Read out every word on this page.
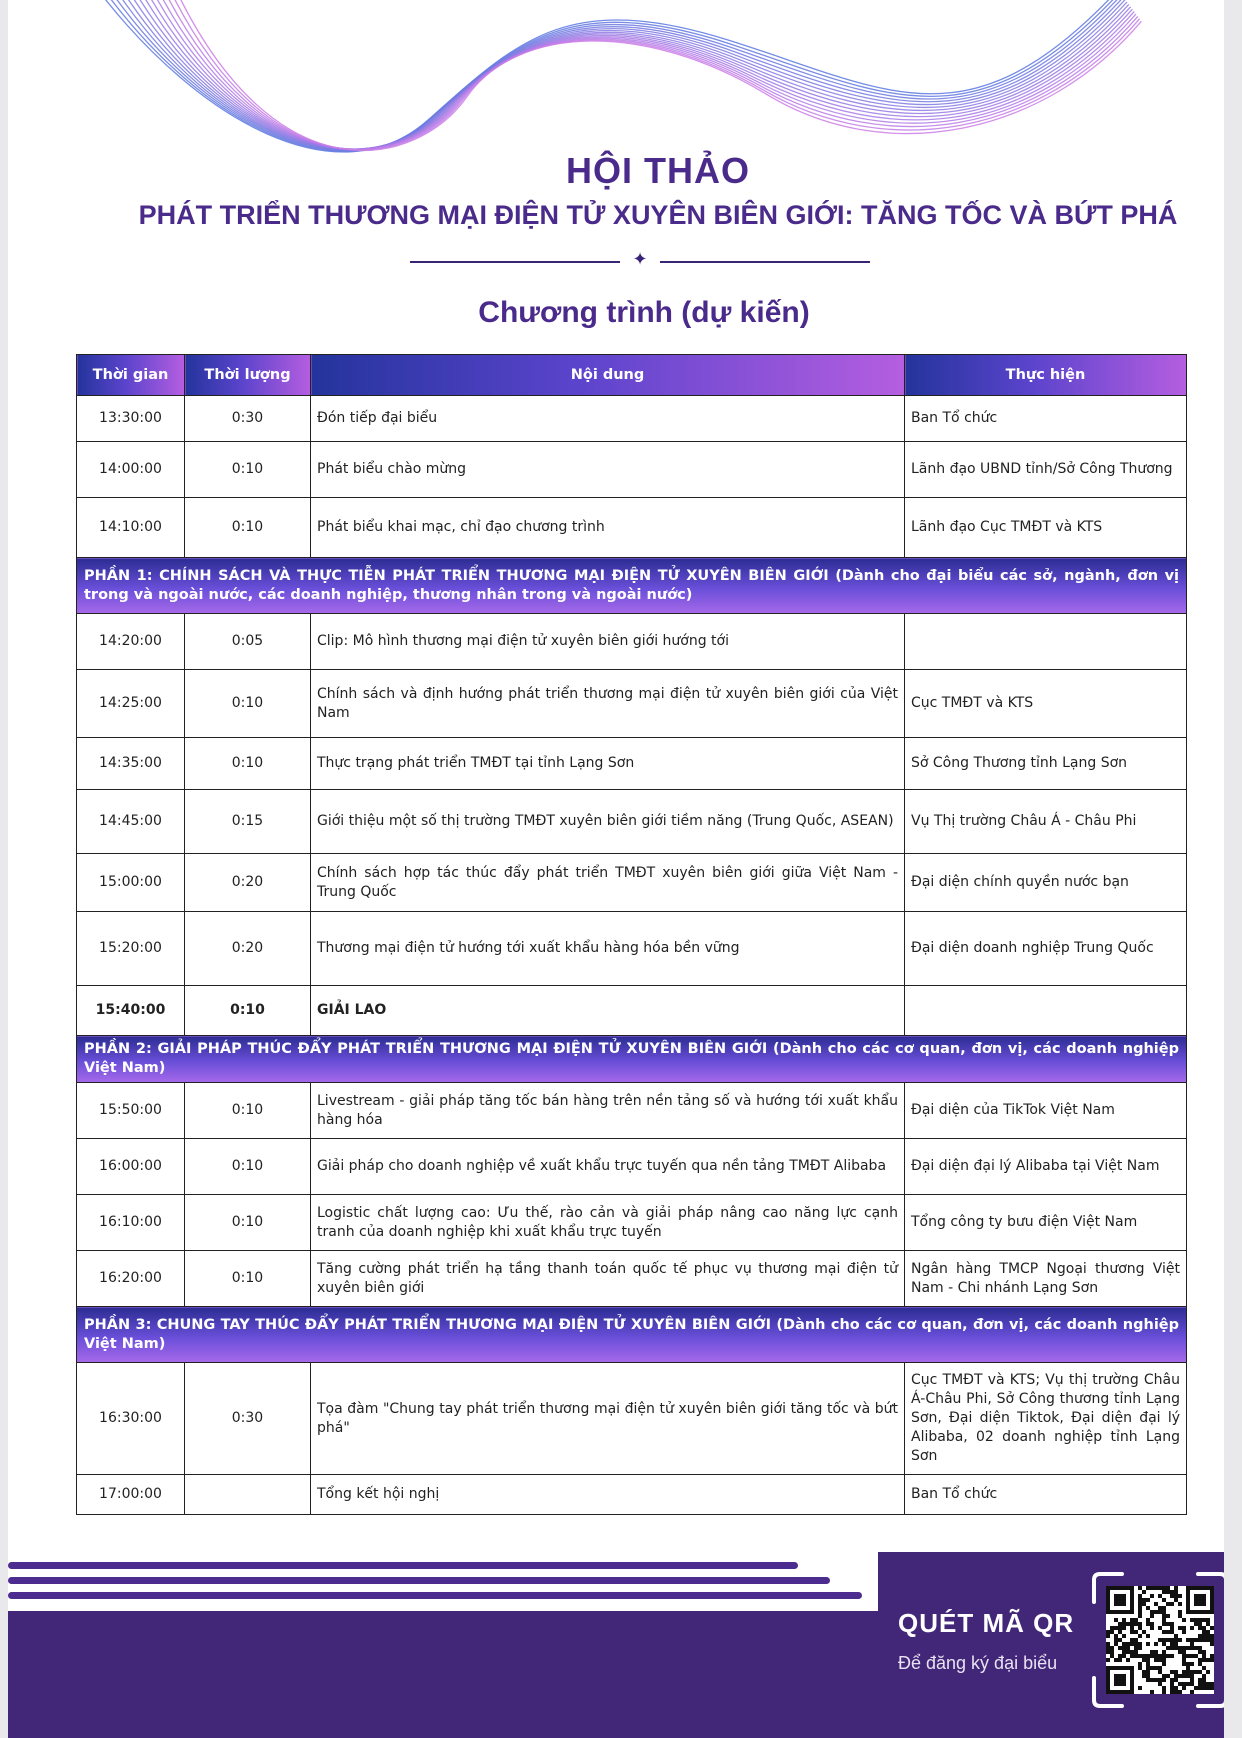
HỘI THẢO
PHÁT TRIỂN THƯƠNG MẠI ĐIỆN TỬ XUYÊN BIÊN GIỚI: TĂNG TỐC VÀ BỨT PHÁ
✦
Chương trình (dự kiến)
Thời gian	Thời lượng	Nội dung	Thực hiện
13:30:00	0:30	Đón tiếp đại biểu	Ban Tổ chức
14:00:00	0:10	Phát biểu chào mừng	Lãnh đạo UBND tỉnh/Sở Công Thương
14:10:00	0:10	Phát biểu khai mạc, chỉ đạo chương trình	Lãnh đạo Cục TMĐT và KTS
PHẦN 1: CHÍNH SÁCH VÀ THỰC TIỄN PHÁT TRIỂN THƯƠNG MẠI ĐIỆN TỬ XUYÊN BIÊN GIỚI (Dành cho đại biểu các sở, ngành, đơn vị trong và ngoài nước, các doanh nghiệp, thương nhân trong và ngoài nước)			
14:20:00	0:05	Clip: Mô hình thương mại điện tử xuyên biên giới hướng tới	
14:25:00	0:10	Chính sách và định hướng phát triển thương mại điện tử xuyên biên giới của Việt Nam	Cục TMĐT và KTS
14:35:00	0:10	Thực trạng phát triển TMĐT tại tỉnh Lạng Sơn	Sở Công Thương tỉnh Lạng Sơn
14:45:00	0:15	Giới thiệu một số thị trường TMĐT xuyên biên giới tiềm năng (Trung Quốc, ASEAN)	Vụ Thị trường Châu Á - Châu Phi
15:00:00	0:20	Chính sách hợp tác thúc đẩy phát triển TMĐT xuyên biên giới giữa Việt Nam - Trung Quốc	Đại diện chính quyền nước bạn
15:20:00	0:20	Thương mại điện tử hướng tới xuất khẩu hàng hóa bền vững	Đại diện doanh nghiệp Trung Quốc
15:40:00	0:10	GIẢI LAO	
PHẦN 2: GIẢI PHÁP THÚC ĐẨY PHÁT TRIỂN THƯƠNG MẠI ĐIỆN TỬ XUYÊN BIÊN GIỚI (Dành cho các cơ quan, đơn vị, các doanh nghiệp Việt Nam)			
15:50:00	0:10	Livestream - giải pháp tăng tốc bán hàng trên nền tảng số và hướng tới xuất khẩu hàng hóa	Đại diện của TikTok Việt Nam
16:00:00	0:10	Giải pháp cho doanh nghiệp về xuất khẩu trực tuyến qua nền tảng TMĐT Alibaba	Đại diện đại lý Alibaba tại Việt Nam
16:10:00	0:10	Logistic chất lượng cao: Ưu thế, rào cản và giải pháp nâng cao năng lực cạnh tranh của doanh nghiệp khi xuất khẩu trực tuyến	Tổng công ty bưu điện Việt Nam
16:20:00	0:10	Tăng cường phát triển hạ tầng thanh toán quốc tế phục vụ thương mại điện tử xuyên biên giới	Ngân hàng TMCP Ngoại thương Việt Nam - Chi nhánh Lạng Sơn
PHẦN 3: CHUNG TAY THÚC ĐẨY PHÁT TRIỂN THƯƠNG MẠI ĐIỆN TỬ XUYÊN BIÊN GIỚI (Dành cho các cơ quan, đơn vị, các doanh nghiệp Việt Nam)			
16:30:00	0:30	Tọa đàm "Chung tay phát triển thương mại điện tử xuyên biên giới tăng tốc và bứt phá"	Cục TMĐT và KTS; Vụ thị trường Châu Á-Châu Phi, Sở Công thương tỉnh Lạng Sơn, Đại diện Tiktok, Đại diện đại lý Alibaba, 02 doanh nghiệp tỉnh Lạng Sơn
17:00:00		Tổng kết hội nghị	Ban Tổ chức
QUÉT MÃ QR
Để đăng ký đại biểu
